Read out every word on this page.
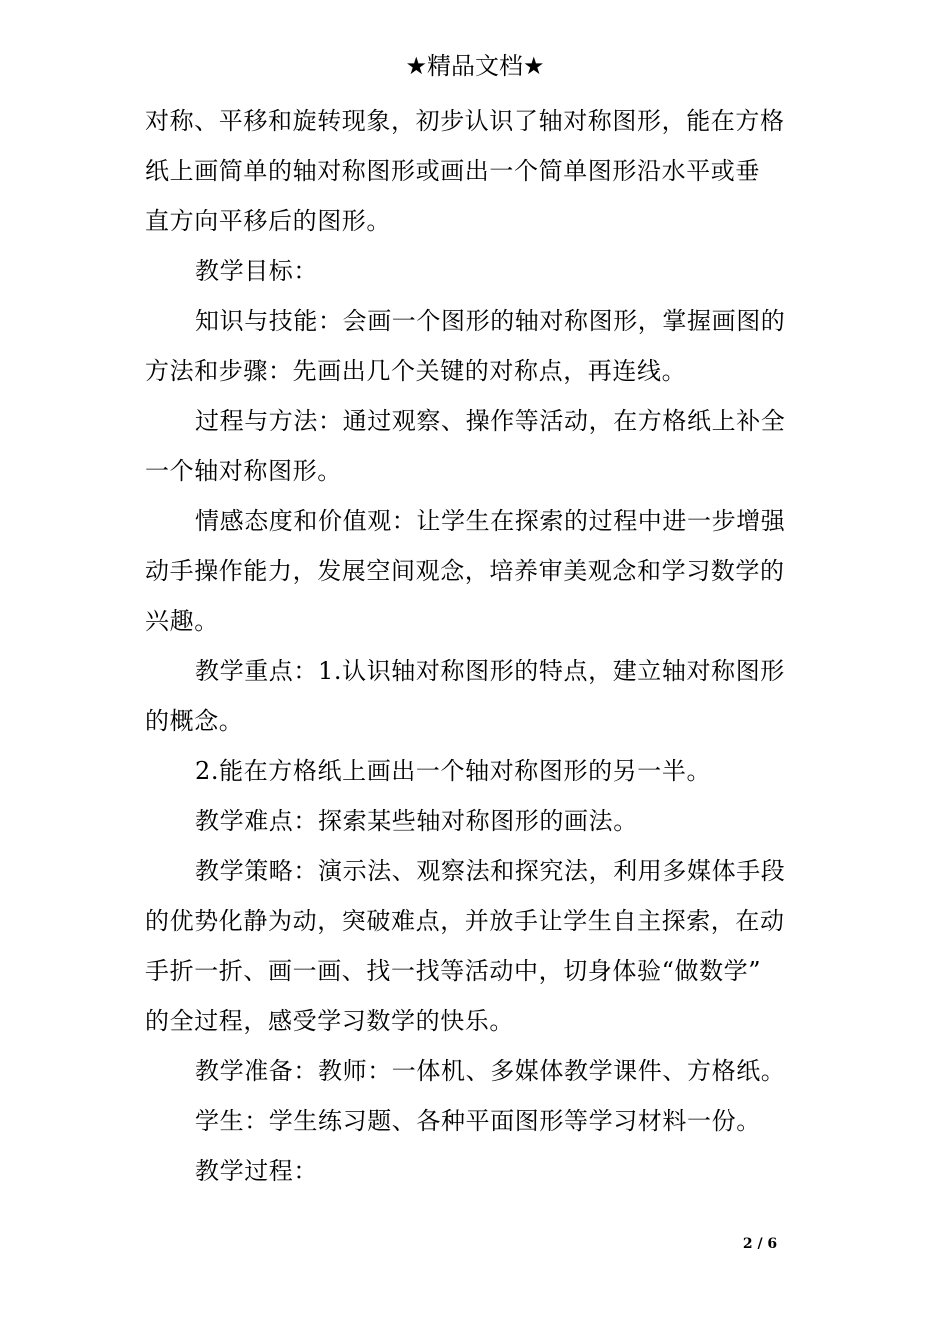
★精品文档★
对称、平移和旋转现象，初步认识了轴对称图形，能在方格
纸上画简单的轴对称图形或画出一个简单图形沿水平或垂
直方向平移后的图形。
教学目标：
知识与技能：会画一个图形的轴对称图形，掌握画图的
方法和步骤：先画出几个关键的对称点，再连线。
过程与方法：通过观察、操作等活动，在方格纸上补全
一个轴对称图形。
情感态度和价值观：让学生在探索的过程中进一步增强
动手操作能力，发展空间观念，培养审美观念和学习数学的
兴趣。
教学重点：1.认识轴对称图形的特点，建立轴对称图形
的概念。
2.能在方格纸上画出一个轴对称图形的另一半。
教学难点：探索某些轴对称图形的画法。
教学策略：演示法、观察法和探究法，利用多媒体手段
的优势化静为动，突破难点，并放手让学生自主探索，在动
手折一折、画一画、找一找等活动中，切身体验“做数学”
的全过程，感受学习数学的快乐。
教学准备：教师：一体机、多媒体教学课件、方格纸。
学生：学生练习题、各种平面图形等学习材料一份。
教学过程：
2 / 6
